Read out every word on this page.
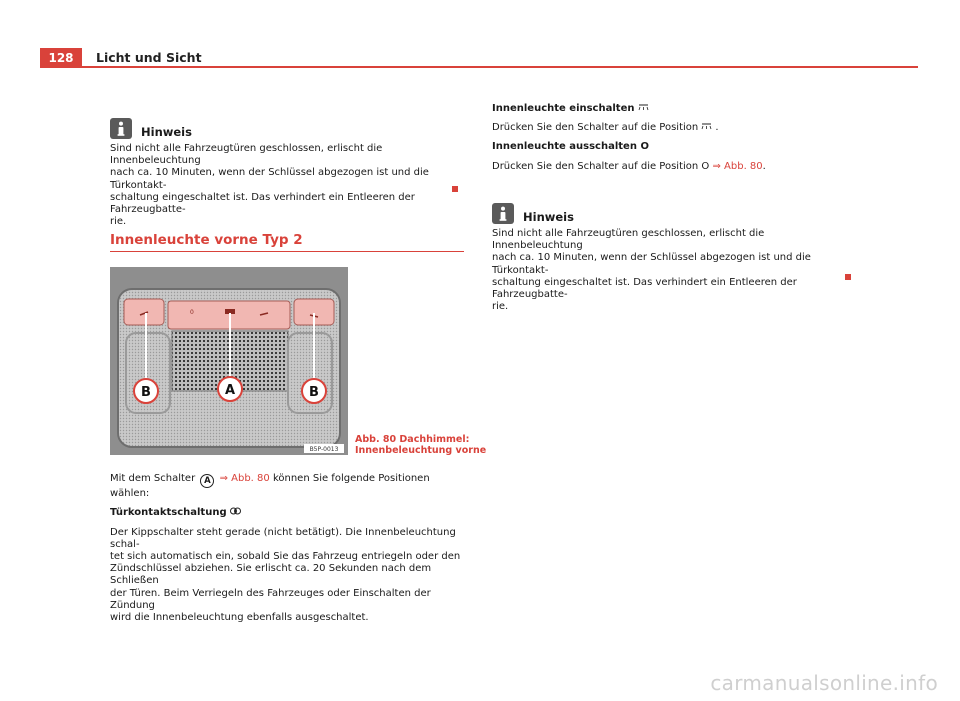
128	Licht und Sicht
Hinweis

Sind nicht alle Fahrzeugtüren geschlossen, erlischt die Innenbeleuchtung

nach ca. 10 Minuten, wenn der Schlüssel abgezogen ist und die Türkontakt-

schaltung eingeschaltet ist. Das verhindert ein Entleeren der Fahrzeugbatte-

rie.

Innenleuchte vorne Typ 2
0
B	A	B
B5P-0013
Abb. 80 Dachhimmel:
Innenbeleuchtung vorne

Mit dem Schalter A ⇒ Abb. 80 können Sie folgende Positionen wählen:

Türkontaktschaltung

Der Kippschalter steht gerade (nicht betätigt). Die Innenbeleuchtung schal-

tet sich automatisch ein, sobald Sie das Fahrzeug entriegeln oder den

Zündschlüssel abziehen. Sie erlischt ca. 20 Sekunden nach dem Schließen

der Türen. Beim Verriegeln des Fahrzeuges oder Einschalten der Zündung

wird die Innenbeleuchtung ebenfalls ausgeschaltet.

Innenleuchte einschalten

Drücken Sie den Schalter auf die Position .

Innenleuchte ausschalten O

Drücken Sie den Schalter auf die Position O ⇒ Abb. 80.

Hinweis

Sind nicht alle Fahrzeugtüren geschlossen, erlischt die Innenbeleuchtung

nach ca. 10 Minuten, wenn der Schlüssel abgezogen ist und die Türkontakt-

schaltung eingeschaltet ist. Das verhindert ein Entleeren der Fahrzeugbatte-

rie.

carmanualsonline.info
